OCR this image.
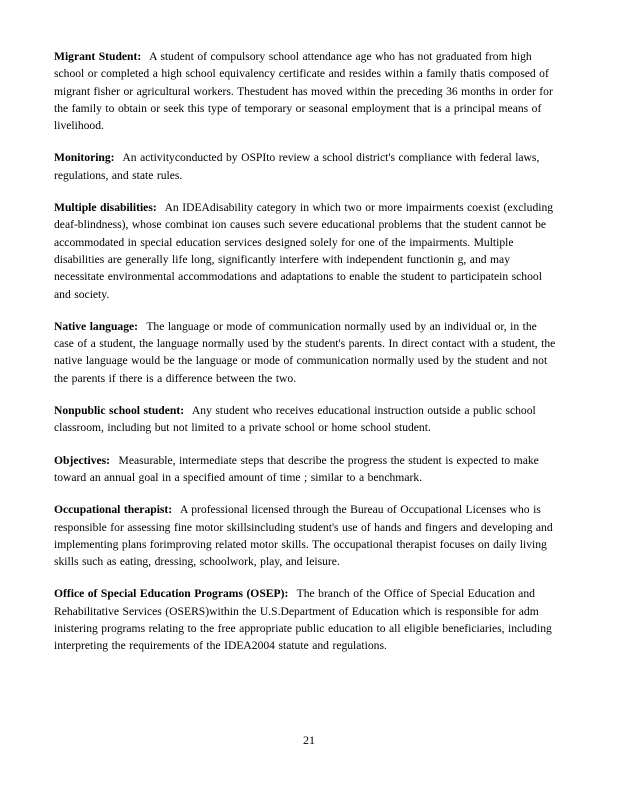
Migrant Student: A student of compulsory school attendance age who has not graduated from high school or completed a high school equivalency certificate and resides within a family thatis composed of migrant fisher or agricultural workers. Thestudent has moved within the preceding 36 months in order for the family to obtain or seek this type of temporary or seasonal employment that is a principal means of livelihood.

Monitoring: An activityconducted by OSPIto review a school district's compliance with federal laws, regulations, and state rules.

Multiple disabilities: An IDEAdisability category in which two or more impairments coexist (excluding deaf-blindness), whose combinat ion causes such severe educational problems that the student cannot be accommodated in special education services designed solely for one of the impairments. Multiple disabilities are generally life long, significantly interfere with independent functionin g, and may necessitate environmental accommodations and adaptations to enable the student to participatein school and society.

Native language: The language or mode of communication normally used by an individual or, in the case of a student, the language normally used by the student's parents. In direct contact with a student, the native language would be the language or mode of communication normally used by the student and not the parents if there is a difference between the two.

Nonpublic school student: Any student who receives educational instruction outside a public school classroom, including but not limited to a private school or home school student.

Objectives: Measurable, intermediate steps that describe the progress the student is expected to make toward an annual goal in a specified amount of time ; similar to a benchmark.

Occupational therapist: A professional licensed through the Bureau of Occupational Licenses who is responsible for assessing fine motor skillsincluding student's use of hands and fingers and developing and implementing plans forimproving related motor skills. The occupational therapist focuses on daily living skills such as eating, dressing, schoolwork, play, and leisure.

Office of Special Education Programs (OSEP): The branch of the Office of Special Education and Rehabilitative Services (OSERS)within the U.S.Department of Education which is responsible for adm inistering programs relating to the free appropriate public education to all eligible beneficiaries, including interpreting the requirements of the IDEA2004 statute and regulations.

21
